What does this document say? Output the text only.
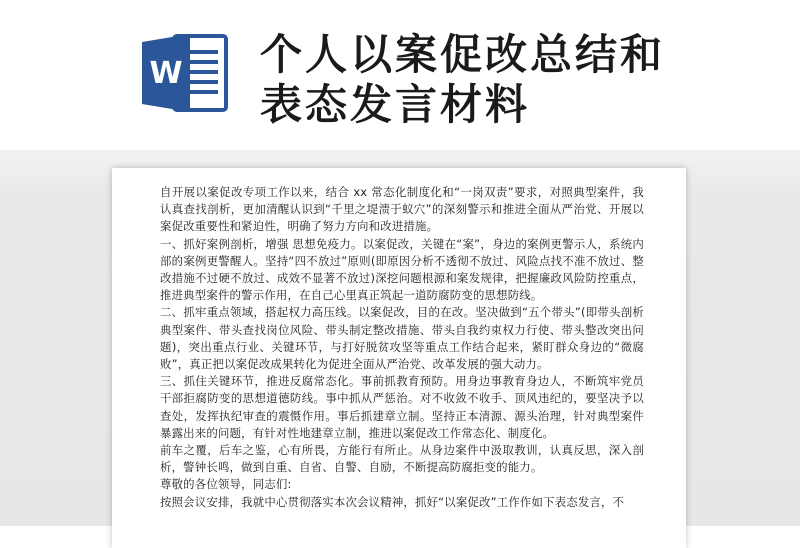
W 个人以案促改总结和
表态发言材料

自开展以案促改专项工作以来，结合 xx 常态化制度化和“一岗双责”要求，对照典型案件，我认真查找剖析，更加清醒认识到“千里之堤溃于蚁穴”的深刻警示和推进全面从严治党、开展以案促改重要性和紧迫性，明确了努力方向和改进措施。

一、抓好案例剖析，增强 思想免疫力。以案促改，关键在“案”，身边的案例更警示人，系统内部的案例更警醒人。坚持“四不放过”原则(即原因分析不透彻不放过、风险点找不准不放过、整改措施不过硬不放过、成效不显著不放过)深挖问题根源和案发规律，把握廉政风险防控重点，推进典型案件的警示作用，在自己心里真正筑起一道防腐防变的思想防线。

二、抓牢重点领域，搭起权力高压线。以案促改，目的在改。坚决做到“五个带头”(即带头剖析典型案件、带头查找岗位风险、带头制定整改措施、带头自我约束权力行使、带头整改突出问题)，突出重点行业、关键环节，与打好脱贫攻坚等重点工作结合起来，紧盯群众身边的“微腐败”，真正把以案促改成果转化为促进全面从严治党、改革发展的强大动力。

三、抓住关键环节，推进反腐常态化。事前抓教育预防。用身边事教育身边人，不断筑牢党员干部拒腐防变的思想道德防线。事中抓从严惩治。对不收敛不收手、顶风违纪的，要坚决予以查处，发挥执纪审查的震慑作用。事后抓建章立制。坚持正本清源、源头治理，针对典型案件暴露出来的问题，有针对性地建章立制，推进以案促改工作常态化、制度化。

前车之覆，后车之鉴，心有所畏，方能行有所止。从身边案件中汲取教训，认真反思，深入剖析，警钟长鸣，做到自重、自省、自警、自励，不断提高防腐拒变的能力。

尊敬的各位领导，同志们:

按照会议安排，我就中心贯彻落实本次会议精神，抓好“以案促改”工作作如下表态发言，不
